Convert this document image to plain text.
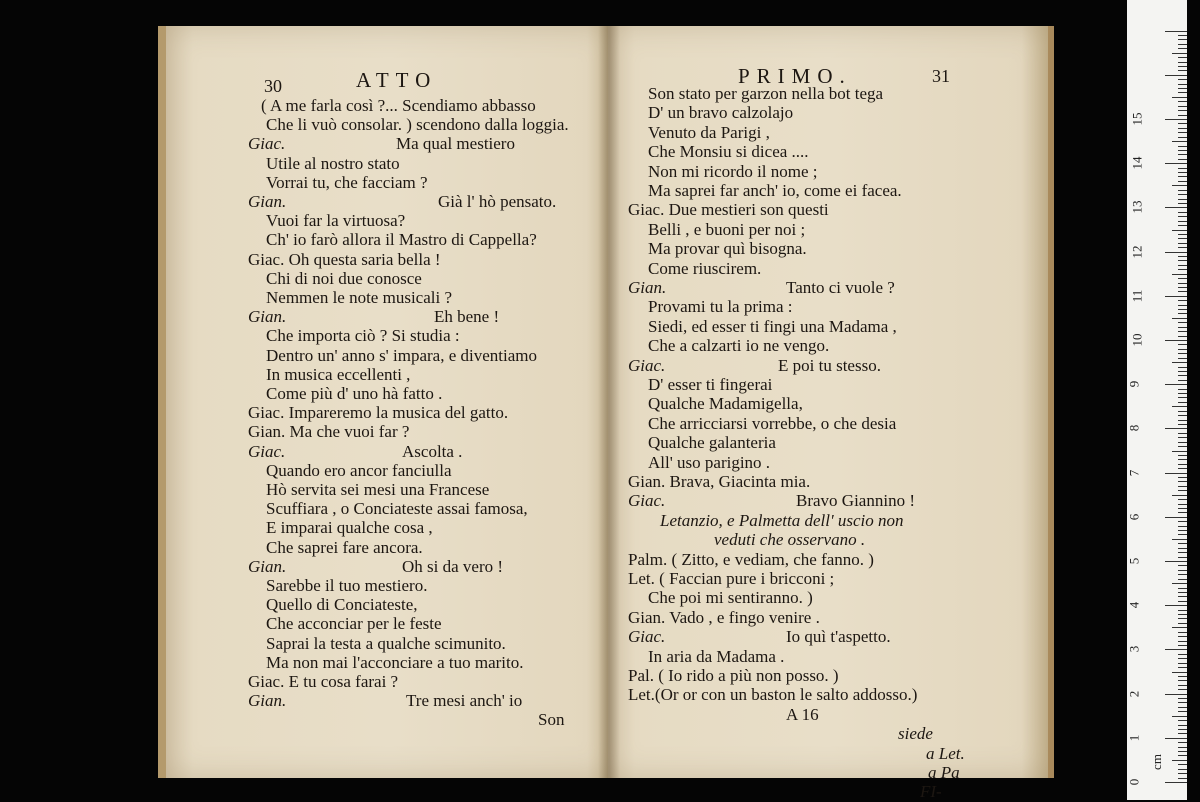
30	ATTO
( A me farla così ?... Scendiamo abbasso
Che li vuò consolar. ) scendono dalla loggia.
Giac.	Ma qual mestiero
Utile al nostro stato
Vorrai tu, che facciam ?
Gian.	Già l' hò pensato.
Vuoi far la virtuosa?
Ch' io farò allora il Mastro di Cappella?
Giac. Oh questa saria bella !
Chi di noi due conosce
Nemmen le note musicali ?
Gian.	Eh bene !
Che importa ciò ? Si studia :
Dentro un' anno s' impara, e diventiamo
In musica eccellenti ,
Come più d' uno hà fatto .
Giac. Impareremo la musica del gatto.
Gian. Ma che vuoi far ?
Giac.	Ascolta .
Quando ero ancor fanciulla
Hò servita sei mesi una Francese
Scuffiara , o Conciateste assai famosa,
E imparai qualche cosa ,
Che saprei fare ancora.
Gian.	Oh si da vero !
Sarebbe il tuo mestiero.
Quello di Conciateste,
Che acconciar per le feste
Saprai la testa a qualche scimunito.
Ma non mai l'acconciare a tuo marito.
Giac. E tu cosa farai ?
Gian.	Tre mesi anch' io
Son
PRIMO.	31
Son stato per garzon nella bot tega
D' un bravo calzolajo
Venuto da Parigi ,
Che Monsiu si dicea ....
Non mi ricordo il nome ;
Ma saprei far anch' io, come ei facea.
Giac. Due mestieri son questi
Belli , e buoni per noi ;
Ma provar quì bisogna.
Come riuscirem.
Gian.	Tanto ci vuole ?
Provami tu la prima :
Siedi, ed esser ti fingi una Madama ,
Che a calzarti io ne vengo.
Giac.	E poi tu stesso.
D' esser ti fingerai
Qualche Madamigella,
Che arricciarsi vorrebbe, o che desia
Qualche galanteria
All' uso parigino .
Gian. Brava, Giacinta mia.
Giac.	Bravo Giannino !
Letanzio, e Palmetta dell' uscio non
veduti che osservano .
Palm. ( Zitto, e vediam, che fanno. )
Let. ( Faccian pure i bricconi ;
Che poi mi sentiranno. )
Gian. Vado , e fingo venire .
Giac.	Io quì t'aspetto.
In aria da Madama .
Pal. ( Io rido a più non posso. )
Let.(Or or con un baston le salto addosso.)
A 16
siede
a Let.
a Pa
FI-
0
1
2
3
4
5
6
7
8
9
10
11
12
13
14
15
cm
